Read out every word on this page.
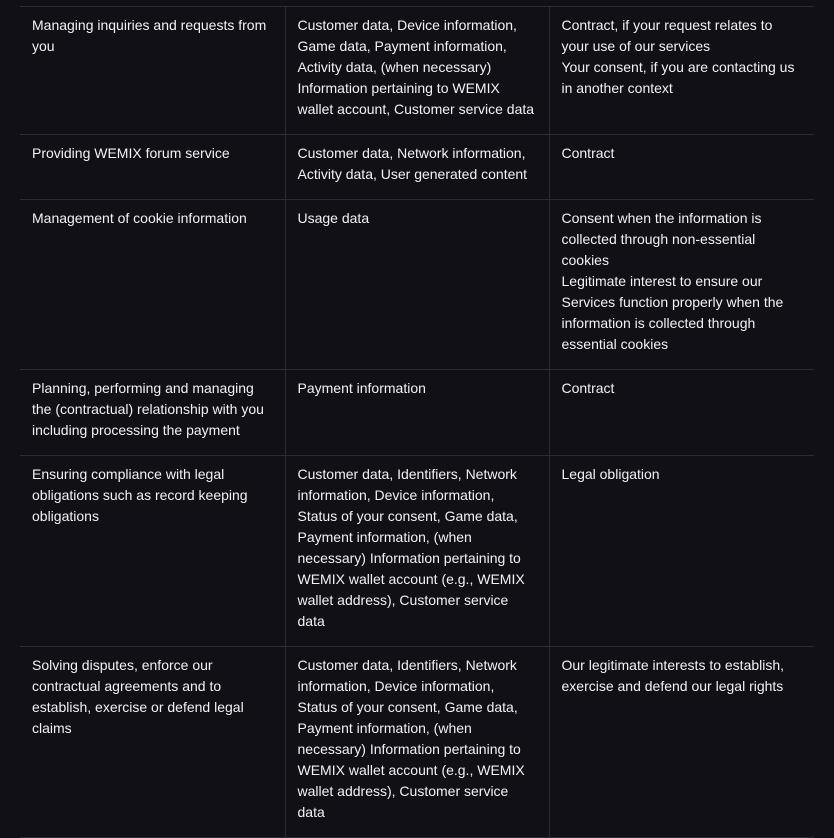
Managing inquiries and requests from you	Customer data, Device information, Game data, Payment information, Activity data, (when necessary) Information pertaining to WEMIX wallet account, Customer service data	Contract, if your request relates to your use of our services
Your consent, if you are contacting us in another context

Providing WEMIX forum service	Customer data, Network information, Activity data, User generated content	Contract

Management of cookie information	Usage data	Consent when the information is collected through non-essential cookies
Legitimate interest to ensure our Services function properly when the information is collected through essential cookies

Planning, performing and managing the (contractual) relationship with you including processing the payment	Payment information	Contract

Ensuring compliance with legal obligations such as record keeping obligations	Customer data, Identifiers, Network information, Device information, Status of your consent, Game data, Payment information, (when necessary) Information pertaining to WEMIX wallet account (e.g., WEMIX wallet address), Customer service data	Legal obligation

Solving disputes, enforce our contractual agreements and to establish, exercise or defend legal claims	Customer data, Identifiers, Network information, Device information, Status of your consent, Game data, Payment information, (when necessary) Information pertaining to WEMIX wallet account (e.g., WEMIX wallet address), Customer service data	Our legitimate interests to establish, exercise and defend our legal rights
